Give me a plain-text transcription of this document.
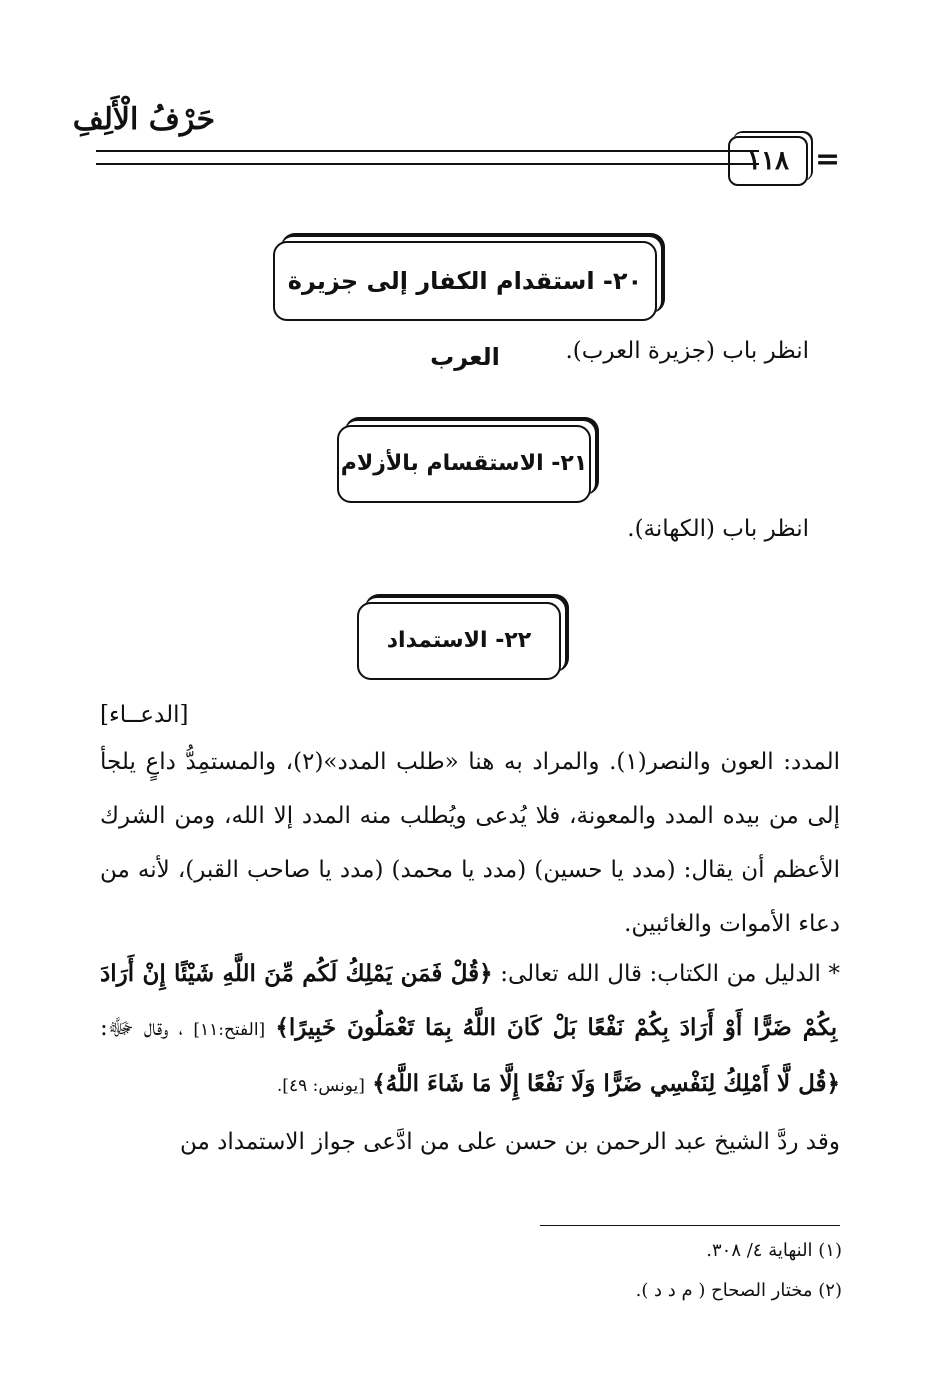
حَرْفُ الْأَلِفِ
١١٨ =
٢٠- استقدام الكفار إلى جزيرة العرب	انظر باب (جزيرة العرب).
٢١- الاستقسام بالأزلام
انظر باب (الكهانة).
٢٢- الاستمداد
[الدعــاء]
المدد: العون والنصر(١). والمراد به هنا «طلب المدد»(٢)، والمستمِدُّ داعٍ يلجأ إلى من بيده المدد والمعونة، فلا يُدعى ويُطلب منه المدد إلا الله، ومن الشرك الأعظم أن يقال: (مدد يا حسين) (مدد يا محمد) (مدد يا صاحب القبر)، لأنه من دعاء الأموات والغائبين.
* الدليل من الكتاب: قال الله تعالى: ﴿قُلْ فَمَن يَمْلِكُ لَكُم مِّنَ اللَّهِ شَيْئًا إِنْ أَرَادَ بِكُمْ ضَرًّا أَوْ أَرَادَ بِكُمْ نَفْعًا بَلْ كَانَ اللَّهُ بِمَا تَعْمَلُونَ خَبِيرًا﴾ [الفتح:١١] ، وقال ﷻ: ﴿قُل لَّا أَمْلِكُ لِنَفْسِي ضَرًّا وَلَا نَفْعًا إِلَّا مَا شَاءَ اللَّهُ﴾ [يونس: ٤٩].
وقد ردَّ الشيخ عبد الرحمن بن حسن على من ادَّعى جواز الاستمداد من
(١) النهاية ٤/ ٣٠٨.
(٢) مختار الصحاح ( م د د ).
